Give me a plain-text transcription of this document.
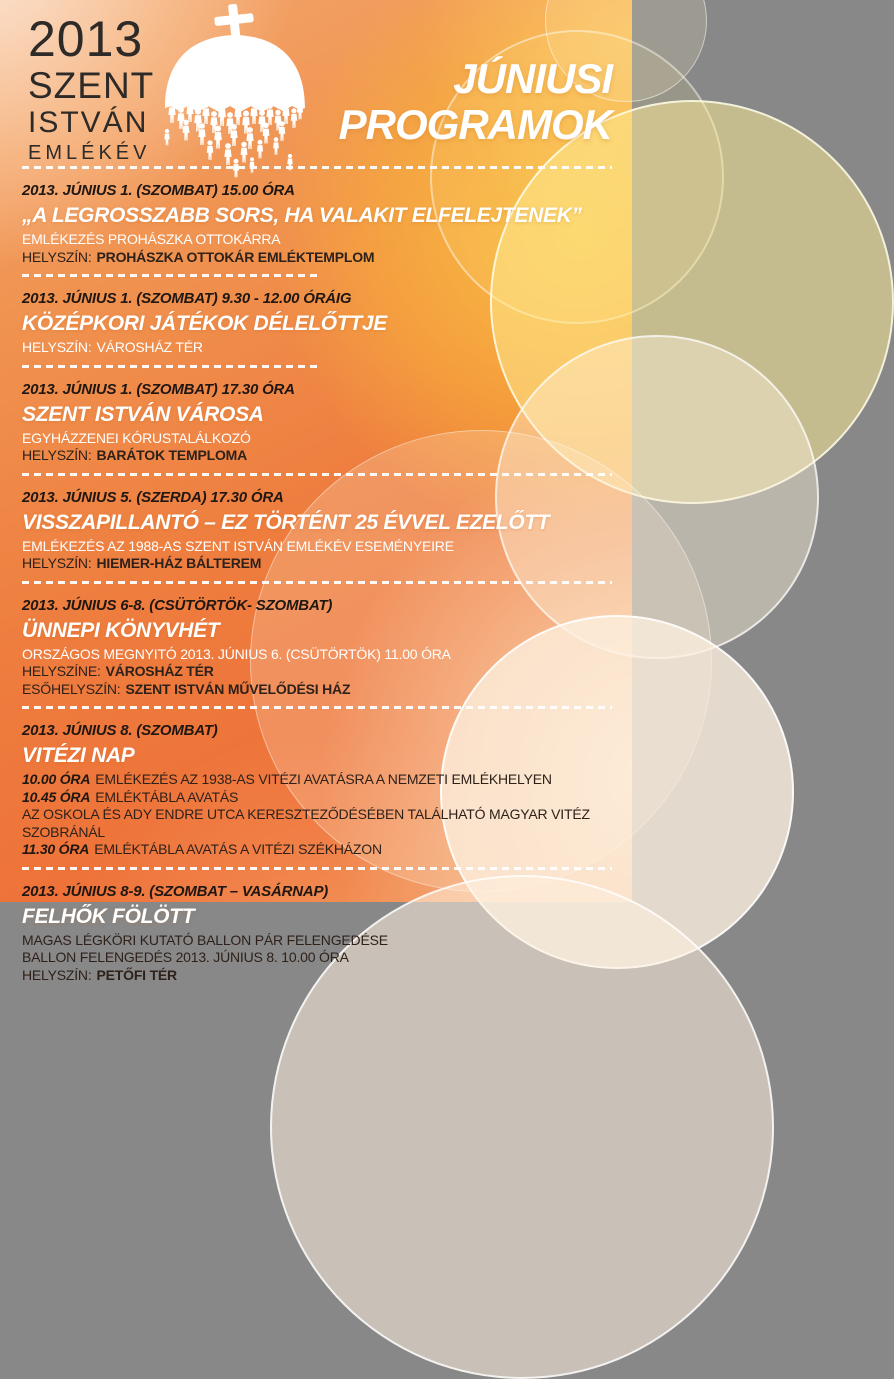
2013
SZENT
ISTVÁN
EMLÉKÉV
JÚNIUSI
PROGRAMOK
2013. JÚNIUS 1. (SZOMBAT) 15.00 ÓRA
„A LEGROSSZABB SORS, HA VALAKIT ELFELEJTENEK”
EMLÉKEZÉS PROHÁSZKA OTTOKÁRRA
HELYSZÍN: PROHÁSZKA OTTOKÁR EMLÉKTEMPLOM
2013. JÚNIUS 1. (SZOMBAT) 9.30 - 12.00 ÓRÁIG
KÖZÉPKORI JÁTÉKOK DÉLELŐTTJE
HELYSZÍN: VÁROSHÁZ TÉR
2013. JÚNIUS 1. (SZOMBAT) 17.30 ÓRA
SZENT ISTVÁN VÁROSA
EGYHÁZZENEI KÓRUSTALÁLKOZÓ
HELYSZÍN: BARÁTOK TEMPLOMA
2013. JÚNIUS 5. (SZERDA) 17.30 ÓRA
VISSZAPILLANTÓ – EZ TÖRTÉNT 25 ÉVVEL EZELŐTT
EMLÉKEZÉS AZ 1988-AS SZENT ISTVÁN EMLÉKÉV ESEMÉNYEIRE
HELYSZÍN: HIEMER-HÁZ BÁLTEREM
2013. JÚNIUS 6-8. (CSÜTÖRTÖK- SZOMBAT)
ÜNNEPI KÖNYVHÉT
ORSZÁGOS MEGNYITÓ 2013. JÚNIUS 6. (CSÜTÖRTÖK) 11.00 ÓRA
HELYSZÍNE: VÁROSHÁZ TÉR
ESŐHELYSZÍN: SZENT ISTVÁN MŰVELŐDÉSI HÁZ
2013. JÚNIUS 8. (SZOMBAT)
VITÉZI NAP
10.00 ÓRA EMLÉKEZÉS AZ 1938-AS VITÉZI AVATÁSRA A NEMZETI EMLÉKHELYEN
10.45 ÓRA EMLÉKTÁBLA AVATÁS
AZ OSKOLA ÉS ADY ENDRE UTCA KERESZTEZŐDÉSÉBEN TALÁLHATÓ MAGYAR VITÉZ SZOBRÁNÁL
11.30 ÓRA EMLÉKTÁBLA AVATÁS A VITÉZI SZÉKHÁZON
2013. JÚNIUS 8-9. (SZOMBAT – VASÁRNAP)
FELHŐK FÖLÖTT
MAGAS LÉGKÖRI KUTATÓ BALLON PÁR FELENGEDÉSE
BALLON FELENGEDÉS 2013. JÚNIUS 8. 10.00 ÓRA
HELYSZÍN: PETŐFI TÉR
